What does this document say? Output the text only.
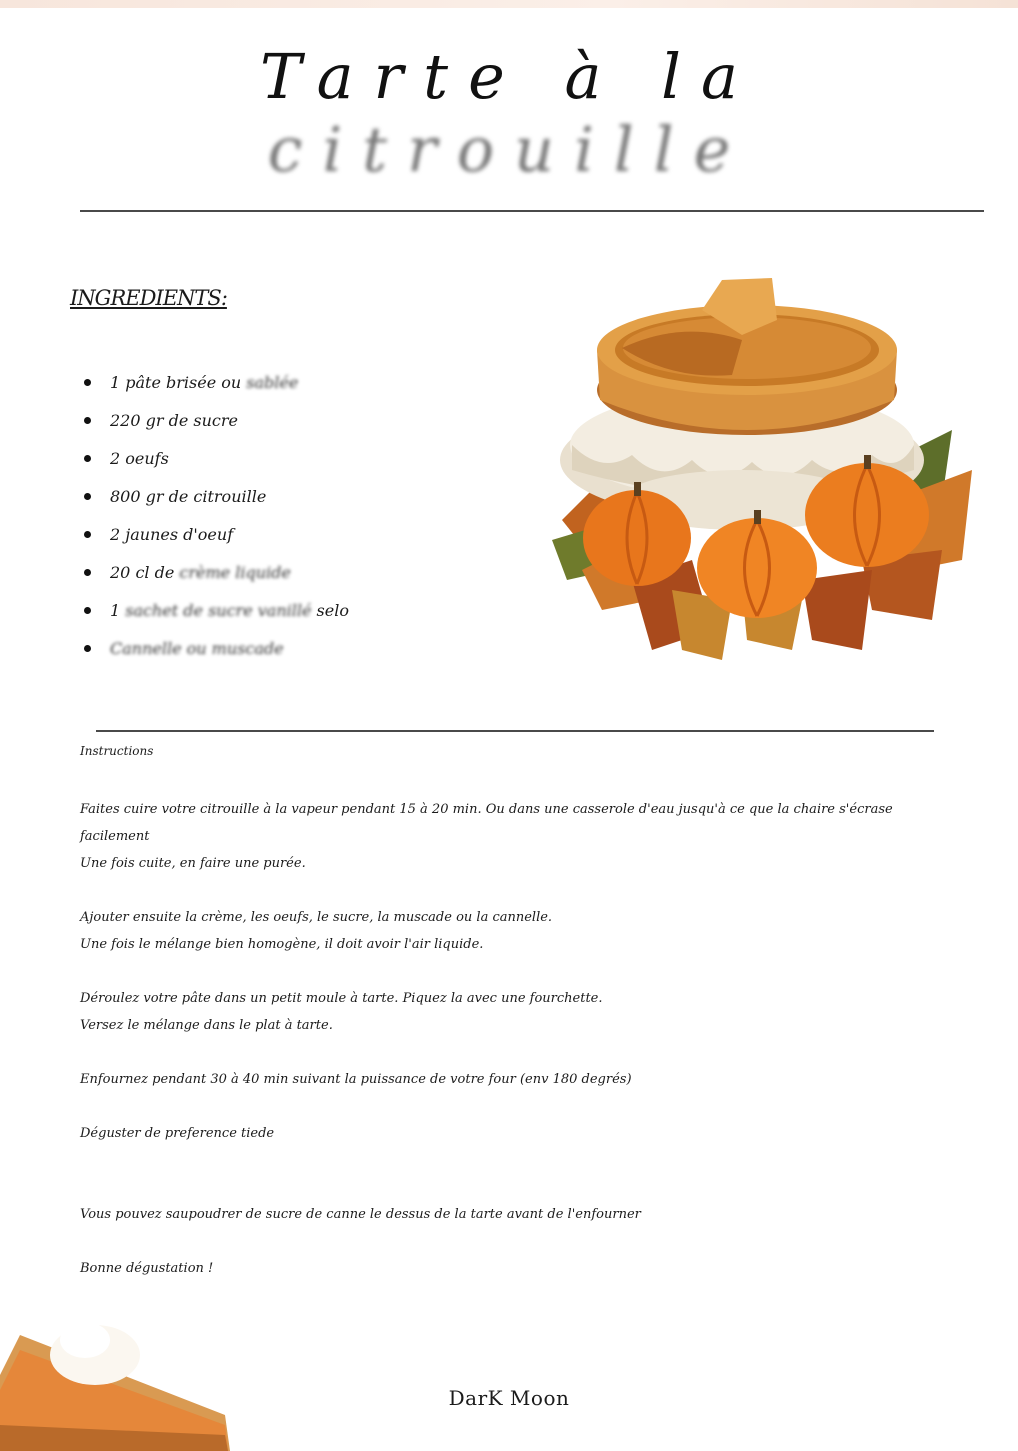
Tarte à la citrouille
INGREDIENTS:
1 pâte brisée ou sablée
220 gr de sucre
2 oeufs
800 gr de citrouille
2 jaunes d'oeuf
20 cl de crème liquide
1 sachet de sucre vanillé selo
Cannelle ou muscade
Instructions

Faites cuire votre citrouille à la vapeur pendant 15 à 20 min. Ou dans une casserole d'eau jusqu'à ce que la chaire s'écrase facilement
Une fois cuite, en faire une purée.

Ajouter ensuite la crème, les oeufs, le sucre, la muscade ou la cannelle.
Une fois le mélange bien homogène, il doit avoir l'air liquide.

Déroulez votre pâte dans un petit moule à tarte. Piquez la avec une fourchette.
Versez le mélange dans le plat à tarte.

Enfournez pendant 30 à 40 min suivant la puissance de votre four (env 180 degrés)

Déguster de preference tiede

Vous pouvez saupoudrer de sucre de canne le dessus de la tarte avant de l'enfourner

Bonne dégustation !

DarK Moon
